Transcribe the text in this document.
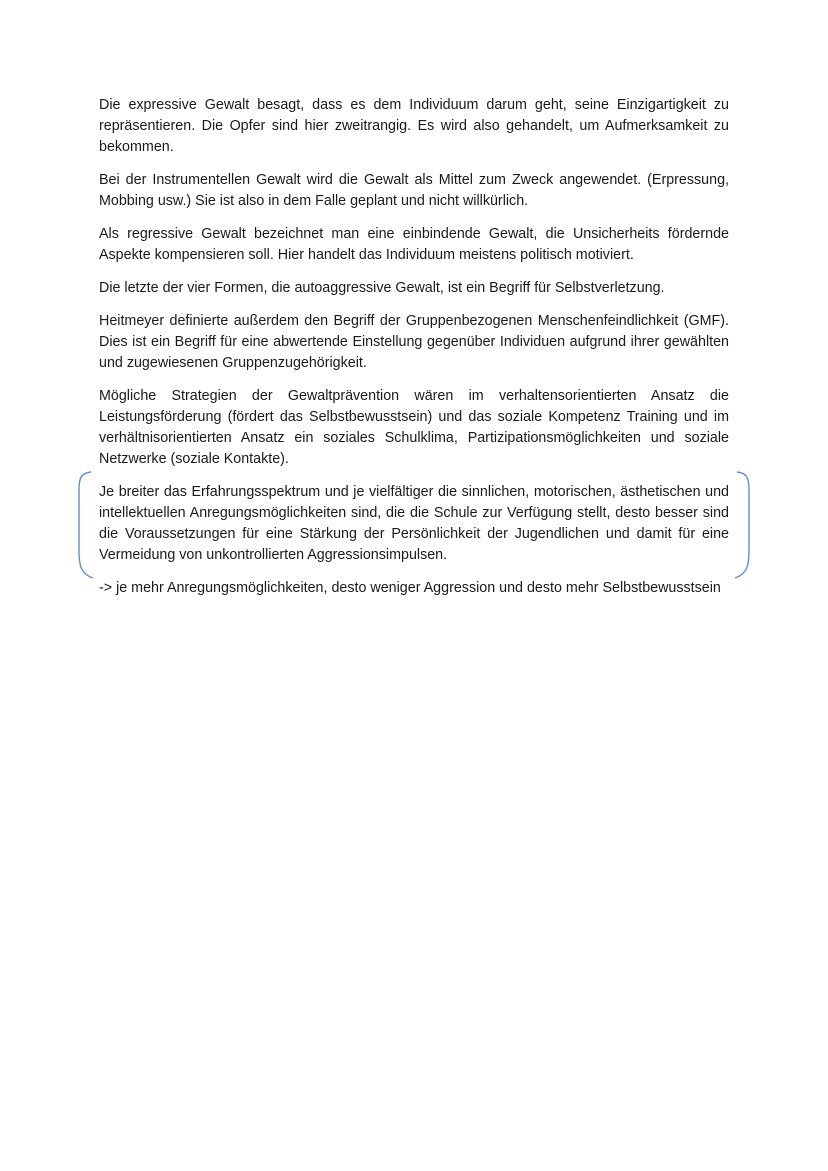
Die expressive Gewalt besagt, dass es dem Individuum darum geht, seine Einzigartigkeit zu repräsentieren. Die Opfer sind hier zweitrangig. Es wird also gehandelt, um Aufmerksamkeit zu bekommen.

Bei der Instrumentellen Gewalt wird die Gewalt als Mittel zum Zweck angewendet. (Erpressung, Mobbing usw.) Sie ist also in dem Falle geplant und nicht willkürlich.

Als regressive Gewalt bezeichnet man eine einbindende Gewalt, die Unsicherheits fördernde Aspekte kompensieren soll. Hier handelt das Individuum meistens politisch motiviert.

Die letzte der vier Formen, die autoaggressive Gewalt, ist ein Begriff für Selbstverletzung.

Heitmeyer definierte außerdem den Begriff der Gruppenbezogenen Menschenfeindlichkeit (GMF). Dies ist ein Begriff für eine abwertende Einstellung gegenüber Individuen aufgrund ihrer gewählten und zugewiesenen Gruppenzugehörigkeit.

Mögliche Strategien der Gewaltprävention wären im verhaltensorientierten Ansatz die Leistungsförderung (fördert das Selbstbewusstsein) und das soziale Kompetenz Training und im verhältnisorientierten Ansatz ein soziales Schulklima, Partizipationsmöglichkeiten und soziale Netzwerke (soziale Kontakte).

Je breiter das Erfahrungsspektrum und je vielfältiger die sinnlichen, motorischen, ästhetischen und intellektuellen Anregungsmöglichkeiten sind, die die Schule zur Verfügung stellt, desto besser sind die Voraussetzungen für eine Stärkung der Persönlichkeit der Jugendlichen und damit für eine Vermeidung von unkontrollierten Aggressionsimpulsen.

-> je mehr Anregungsmöglichkeiten, desto weniger Aggression und desto mehr Selbstbewusstsein
